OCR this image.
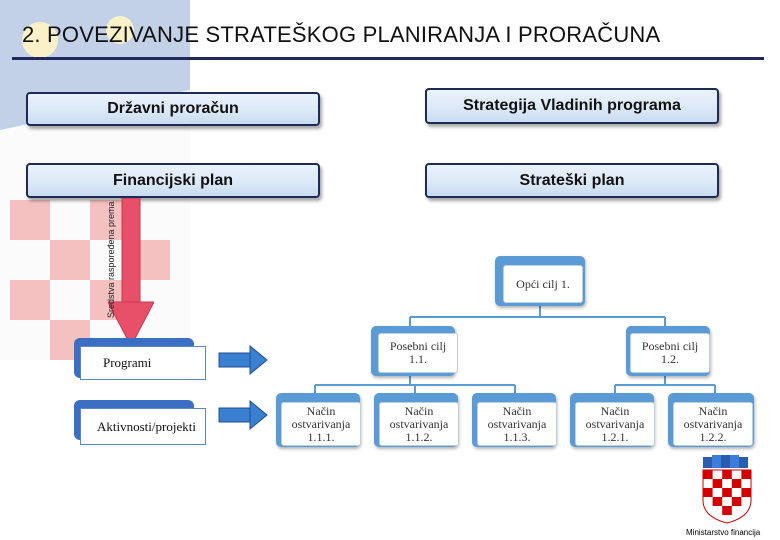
2. POVEZIVANJE STRATEŠKOG PLANIRANJA I PRORAČUNA
Državni proračun	Strategija Vladinih programa
Financijski plan	Strateški plan
Sredstva raspoređena prema
Programi
Aktivnosti/projekti
Opći cilj 1.
Posebni cilj
1.1.
Posebni cilj
1.2.
Način
ostvarivanja
1.1.1.
Način
ostvarivanja
1.1.2.
Način
ostvarivanja
1.1.3.
Način
ostvarivanja
1.2.1.
Način
ostvarivanja
1.2.2.
Ministarstvo financija
